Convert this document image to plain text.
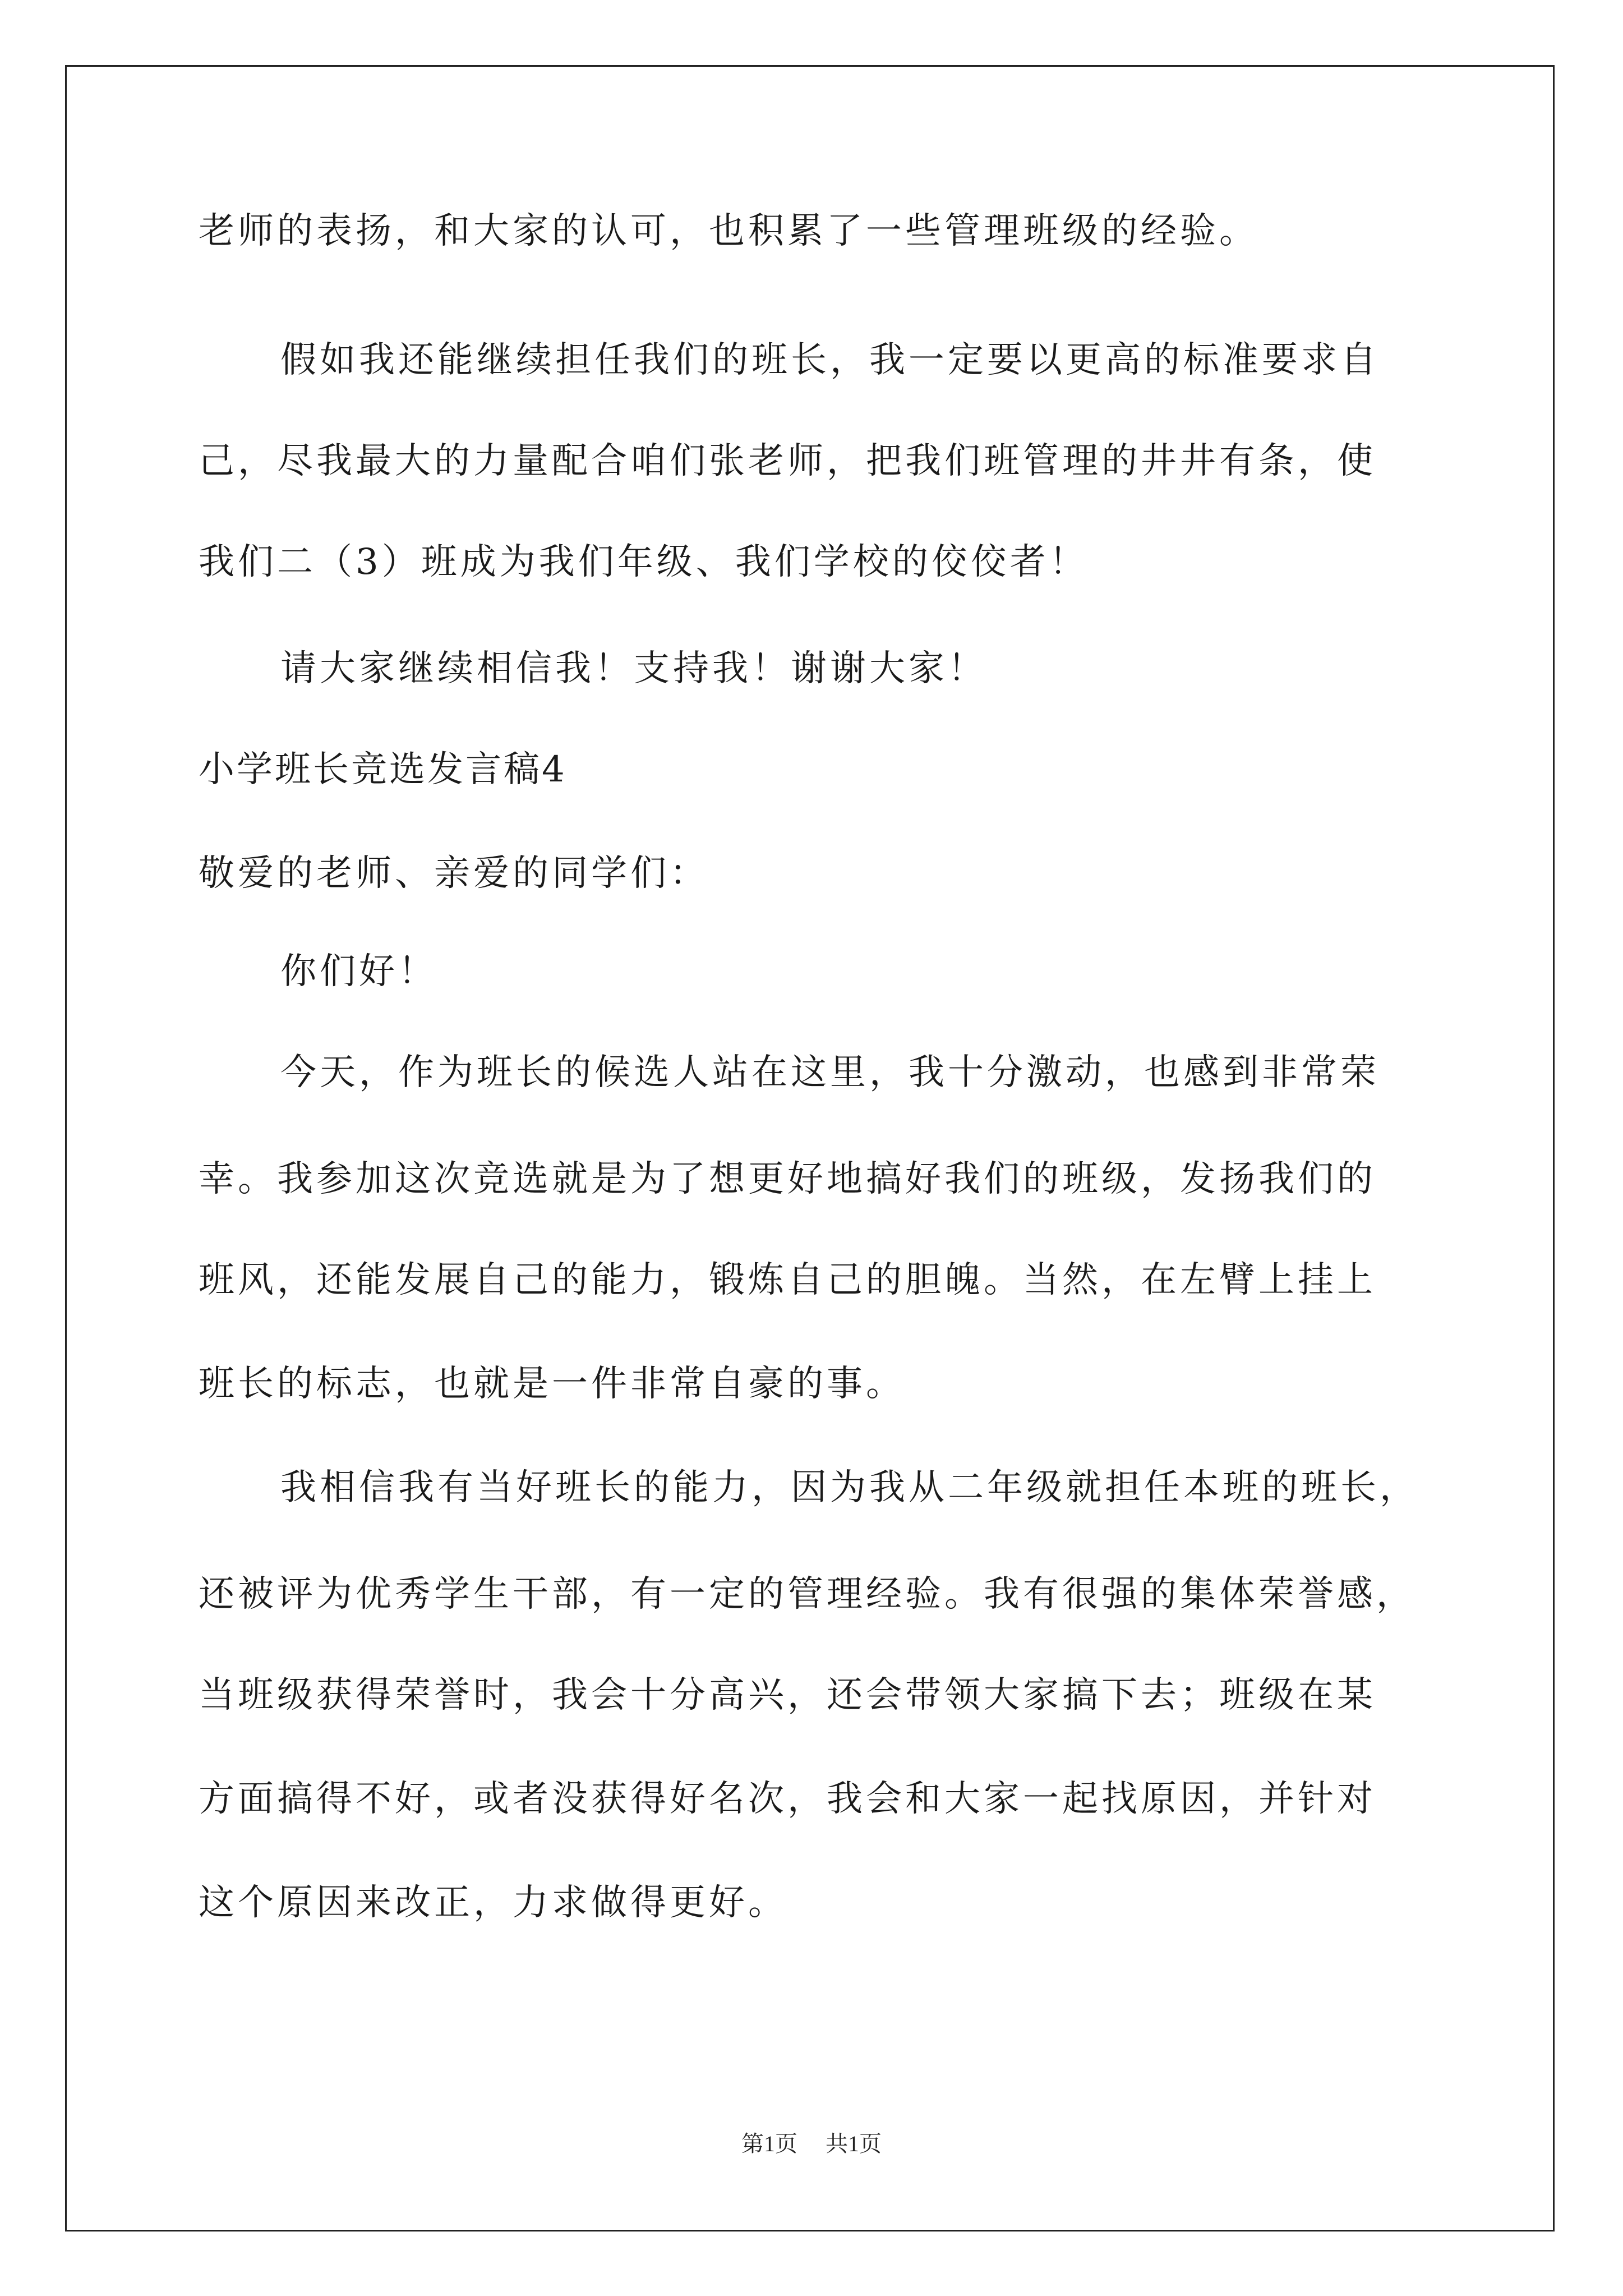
老师的表扬，和大家的认可，也积累了一些管理班级的经验。
假如我还能继续担任我们的班长，我一定要以更高的标准要求自
己，尽我最大的力量配合咱们张老师，把我们班管理的井井有条，使
我们二（3）班成为我们年级、我们学校的佼佼者！
请大家继续相信我！支持我！谢谢大家！
小学班长竞选发言稿4
敬爱的老师、亲爱的同学们：
你们好！
今天，作为班长的候选人站在这里，我十分激动，也感到非常荣
幸。我参加这次竞选就是为了想更好地搞好我们的班级，发扬我们的
班风，还能发展自己的能力，锻炼自己的胆魄。当然，在左臂上挂上
班长的标志，也就是一件非常自豪的事。
我相信我有当好班长的能力，因为我从二年级就担任本班的班长，
还被评为优秀学生干部，有一定的管理经验。我有很强的集体荣誉感，
当班级获得荣誉时，我会十分高兴，还会带领大家搞下去；班级在某
方面搞得不好，或者没获得好名次，我会和大家一起找原因，并针对
这个原因来改正，力求做得更好。
第1页 共1页
